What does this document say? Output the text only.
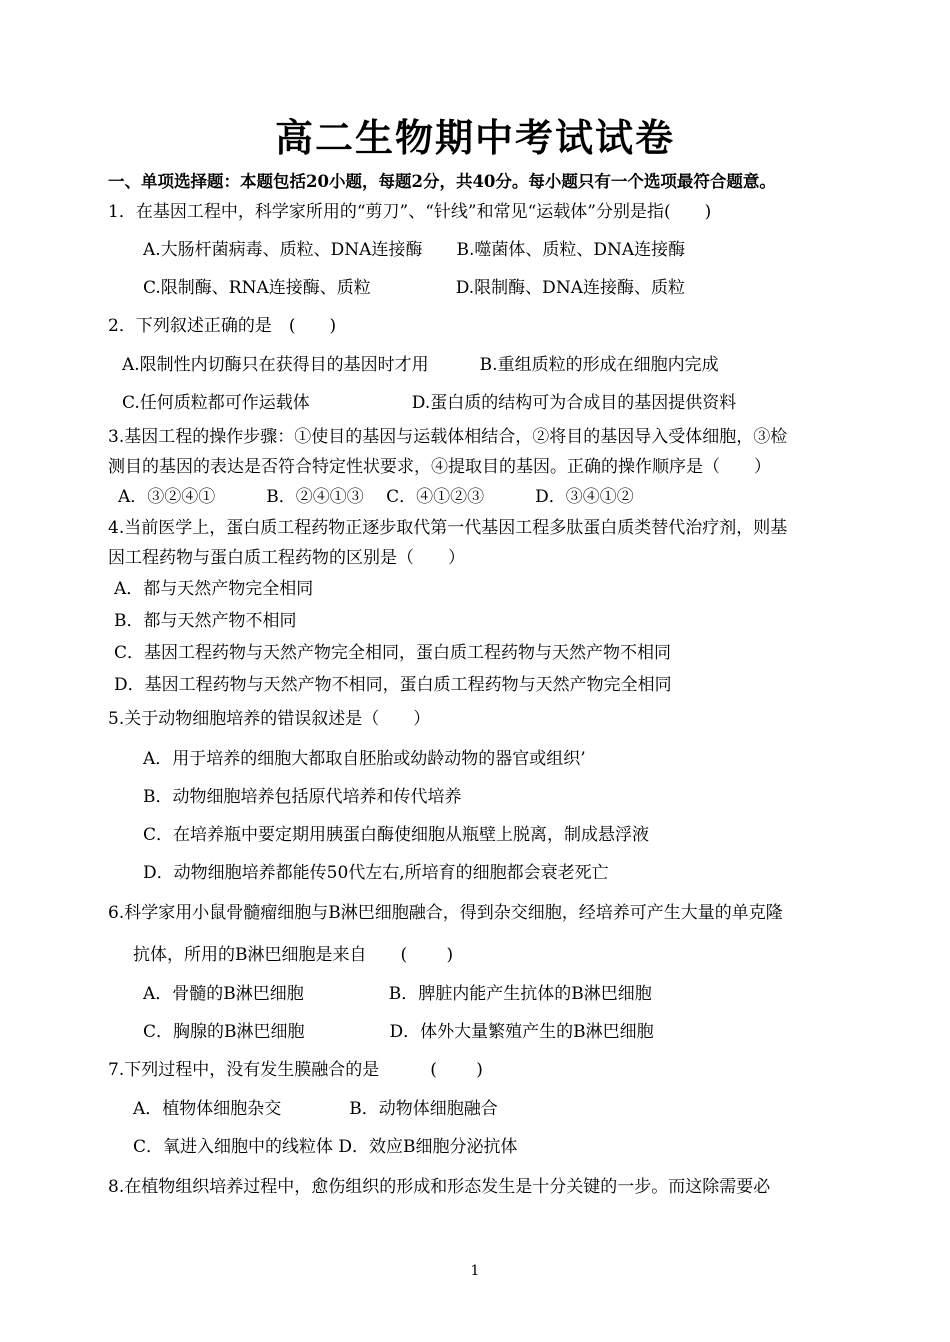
高二生物期中考试试卷
一、单项选择题：本题包括20小题，每题2分，共40分。每小题只有一个选项最符合题意。
1．在基因工程中，科学家所用的“剪刀”、“针线”和常见“运载体”分别是指(　　)
A.大肠杆菌病毒、质粒、DNA连接酶　　B.噬菌体、质粒、DNA连接酶
C.限制酶、RNA连接酶、质粒　　　　　D.限制酶、DNA连接酶、质粒
2．下列叙述正确的是　(　　)
A.限制性内切酶只在获得目的基因时才用　　　B.重组质粒的形成在细胞内完成
C.任何质粒都可作运载体　　　　　　D.蛋白质的结构可为合成目的基因提供资料
3.基因工程的操作步骤：①使目的基因与运载体相结合，②将目的基因导入受体细胞，③检
测目的基因的表达是否符合特定性状要求，④提取目的基因。正确的操作顺序是（　　）
A．③②④①　　　B．②④①③　 C．④①②③　　　D．③④①②
4.当前医学上，蛋白质工程药物正逐步取代第一代基因工程多肽蛋白质类替代治疗剂，则基
因工程药物与蛋白质工程药物的区别是（　　）
A．都与天然产物完全相同
B．都与天然产物不相同
C．基因工程药物与天然产物完全相同，蛋白质工程药物与天然产物不相同
D．基因工程药物与天然产物不相同，蛋白质工程药物与天然产物完全相同
5.关于动物细胞培养的错误叙述是（　　）
A．用于培养的细胞大都取自胚胎或幼龄动物的器官或组织’
B．动物细胞培养包括原代培养和传代培养
C．在培养瓶中要定期用胰蛋白酶使细胞从瓶壁上脱离，制成悬浮液
D．动物细胞培养都能传50代左右,所培育的细胞都会衰老死亡
6.科学家用小鼠骨髓瘤细胞与B淋巴细胞融合，得到杂交细胞，经培养可产生大量的单克隆
抗体，所用的B淋巴细胞是来自　　(　　 )
A．骨髓的B淋巴细胞　　　　　B．脾脏内能产生抗体的B淋巴细胞
C．胸腺的B淋巴细胞　　　　　D．体外大量繁殖产生的B淋巴细胞
7.下列过程中，没有发生膜融合的是　　　(　　 )
A．植物体细胞杂交　　　　B．动物体细胞融合
C．氧进入细胞中的线粒体 D．效应B细胞分泌抗体
8.在植物组织培养过程中，愈伤组织的形成和形态发生是十分关键的一步。而这除需要必
1
